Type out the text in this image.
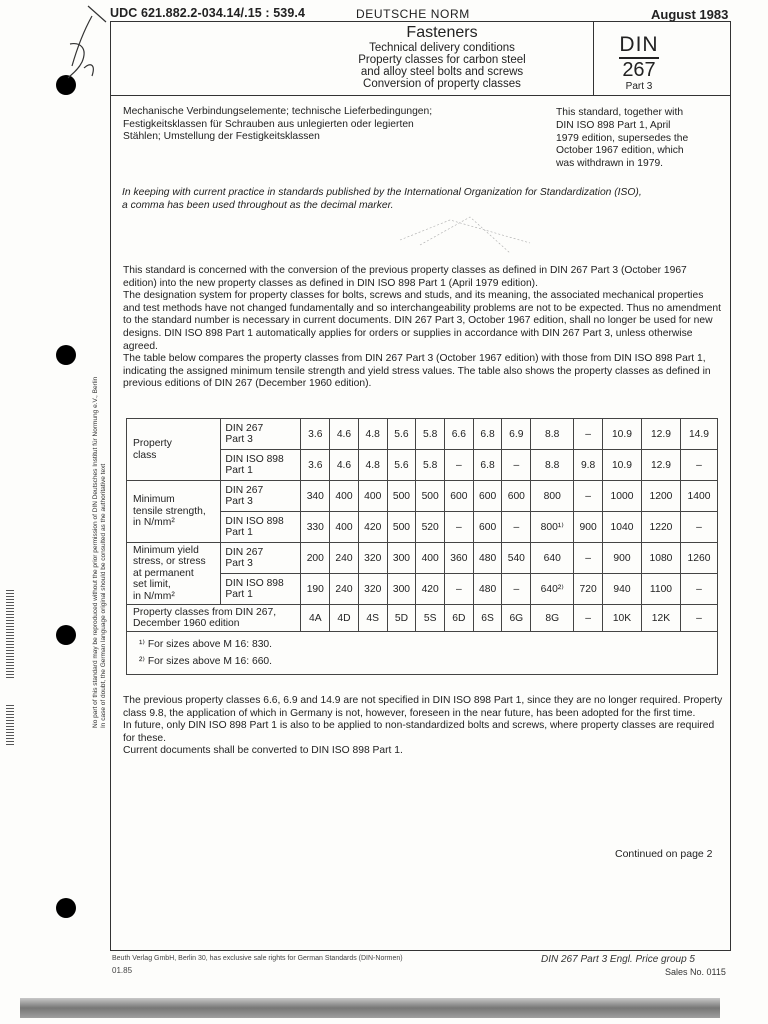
UDC 621.882.2-034.14/.15 : 539.4	DEUTSCHE NORM	August 1983
Fasteners
Technical delivery conditions
Property classes for carbon steel
and alloy steel bolts and screws
Conversion of property classes
DIN
267
Part 3
Mechanische Verbindungselemente; technische Lieferbedingungen;
Festigkeitsklassen für Schrauben aus unlegierten oder legierten
Stählen; Umstellung der Festigkeitsklassen
This standard, together with
DIN ISO 898 Part 1, April
1979 edition, supersedes the
October 1967 edition, which
was withdrawn in 1979.
In keeping with current practice in standards published by the International Organization for Standardization (ISO),
a comma has been used throughout as the decimal marker.

This standard is concerned with the conversion of the previous property classes as defined in DIN 267 Part 3 (October 1967 edition) into the new property classes as defined in DIN ISO 898 Part 1 (April 1979 edition).

The designation system for property classes for bolts, screws and studs, and its meaning, the associated mechanical properties and test methods have not changed fundamentally and so interchangeability problems are not to be expected. Thus no amendment to the standard number is necessary in current documents. DIN 267 Part 3, October 1967 edition, shall no longer be used for new designs. DIN ISO 898 Part 1 automatically applies for orders or supplies in accordance with DIN 267 Part 3, unless otherwise agreed.

The table below compares the property classes from DIN 267 Part 3 (October 1967 edition) with those from DIN ISO 898 Part 1, indicating the assigned minimum tensile strength and yield stress values. The table also shows the property classes as defined in previous editions of DIN 267 (December 1960 edition).

No part of this standard may be reproduced without the prior permission of DIN Deutsches Institut für Normung e.V., Berlin In case of doubt, the German language original should be consulted as the authoritative text
Property
class	DIN 267
Part 3	3.6	4.6	4.8	5.6	5.8	6.6	6.8	6.9	8.8	–	10.9	12.9	14.9
	DIN ISO 898
Part 1	3.6	4.6	4.8	5.6	5.8	–	6.8	–	8.8	9.8	10.9	12.9	–
Minimum
tensile strength,
in N/mm²	DIN 267
Part 3	340	400	400	500	500	600	600	600	800	–	1000	1200	1400
	DIN ISO 898
Part 1	330	400	420	500	520	–	600	–	800¹⁾	900	1040	1220	–
Minimum yield
stress, or stress
at permanent
set limit,
in N/mm²	DIN 267
Part 3	200	240	320	300	400	360	480	540	640	–	900	1080	1260
	DIN ISO 898
Part 1	190	240	320	300	420	–	480	–	640²⁾	720	940	1100	–
Property classes from DIN 267,
December 1960 edition		4A	4D	4S	5D	5S	6D	6S	6G	8G	–	10K	12K	–

¹⁾ For sizes above M 16: 830.
²⁾ For sizes above M 16: 660.														

The previous property classes 6.6, 6.9 and 14.9 are not specified in DIN ISO 898 Part 1, since they are no longer required. Property class 9.8, the application of which in Germany is not, however, foreseen in the near future, has been adopted for the first time.

In future, only DIN ISO 898 Part 1 is also to be applied to non-standardized bolts and screws, where property classes are required for these.

Current documents shall be converted to DIN ISO 898 Part 1.

Continued on page 2
Beuth Verlag GmbH, Berlin 30, has exclusive sale rights for German Standards (DIN-Normen)
01.85
DIN 267 Part 3 Engl. Price group 5
Sales No. 0115
